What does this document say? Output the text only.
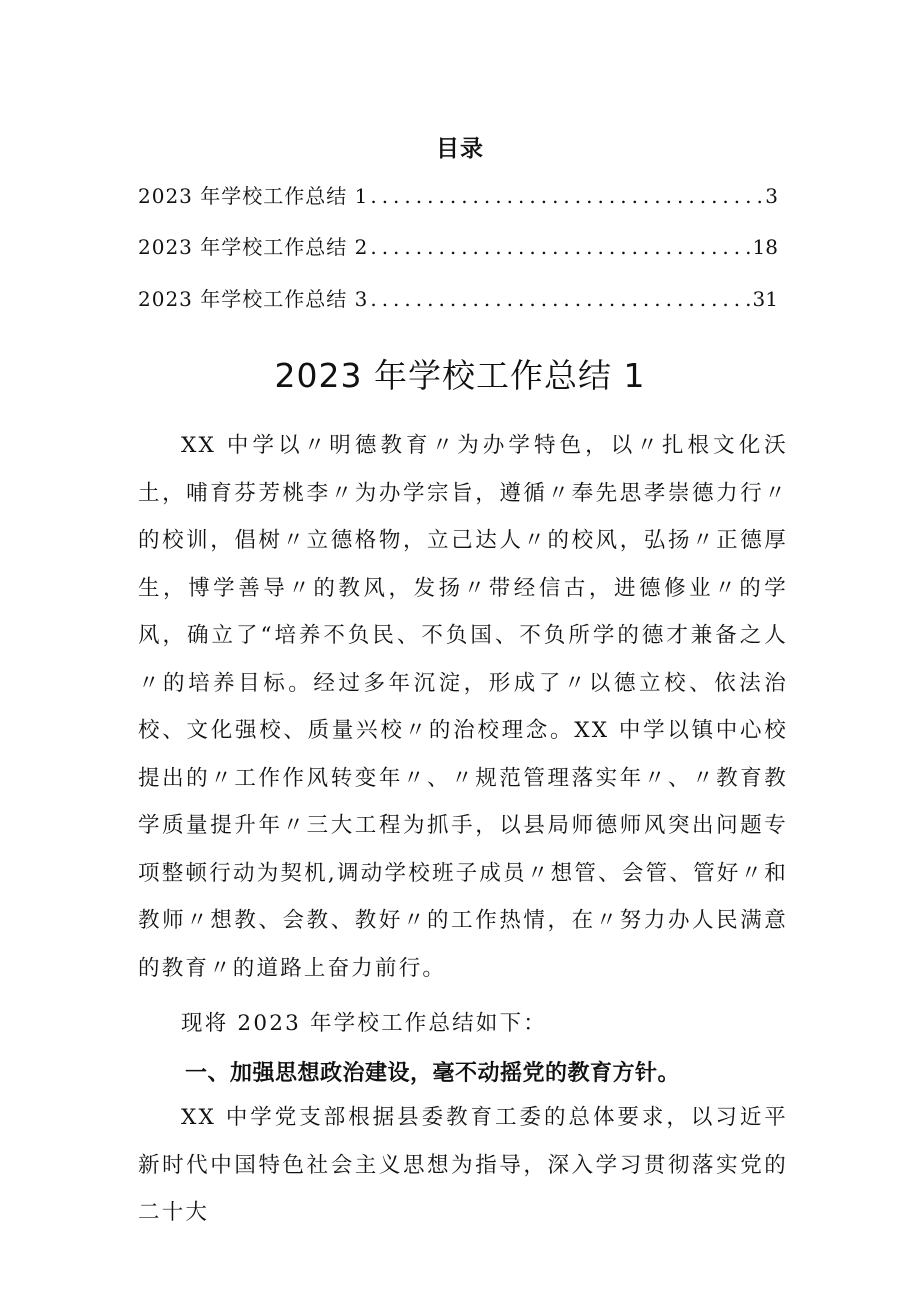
目录
2023 年学校工作总结 1 .....	3
2023 年学校工作总结 2 .....	18
2023 年学校工作总结 3 .....	31
2023 年学校工作总结 1

XX 中学以〃明德教育〃为办学特色，以〃扎根文化沃土，哺育芬芳桃李〃为办学宗旨，遵循〃奉先思孝崇德力行〃的校训，倡树〃立德格物，立己达人〃的校风，弘扬〃正德厚生，博学善导〃的教风，发扬〃带经信古，进德修业〃的学风，确立了“培养不负民、不负国、不负所学的德才兼备之人〃的培养目标。经过多年沉淀，形成了〃以德立校、依法治校、文化强校、质量兴校〃的治校理念。XX 中学以镇中心校提出的〃工作作风转变年〃、〃规范管理落实年〃、〃教育教学质量提升年〃三大工程为抓手，以县局师德师风突出问题专项整顿行动为契机,调动学校班子成员〃想管、会管、管好〃和教师〃想教、会教、教好〃的工作热情，在〃努力办人民满意的教育〃的道路上奋力前行。

现将 2023 年学校工作总结如下：

一、加强思想政治建设，毫不动摇党的教育方针。

XX 中学党支部根据县委教育工委的总体要求，以习近平新时代中国特色社会主义思想为指导，深入学习贯彻落实党的二十大
